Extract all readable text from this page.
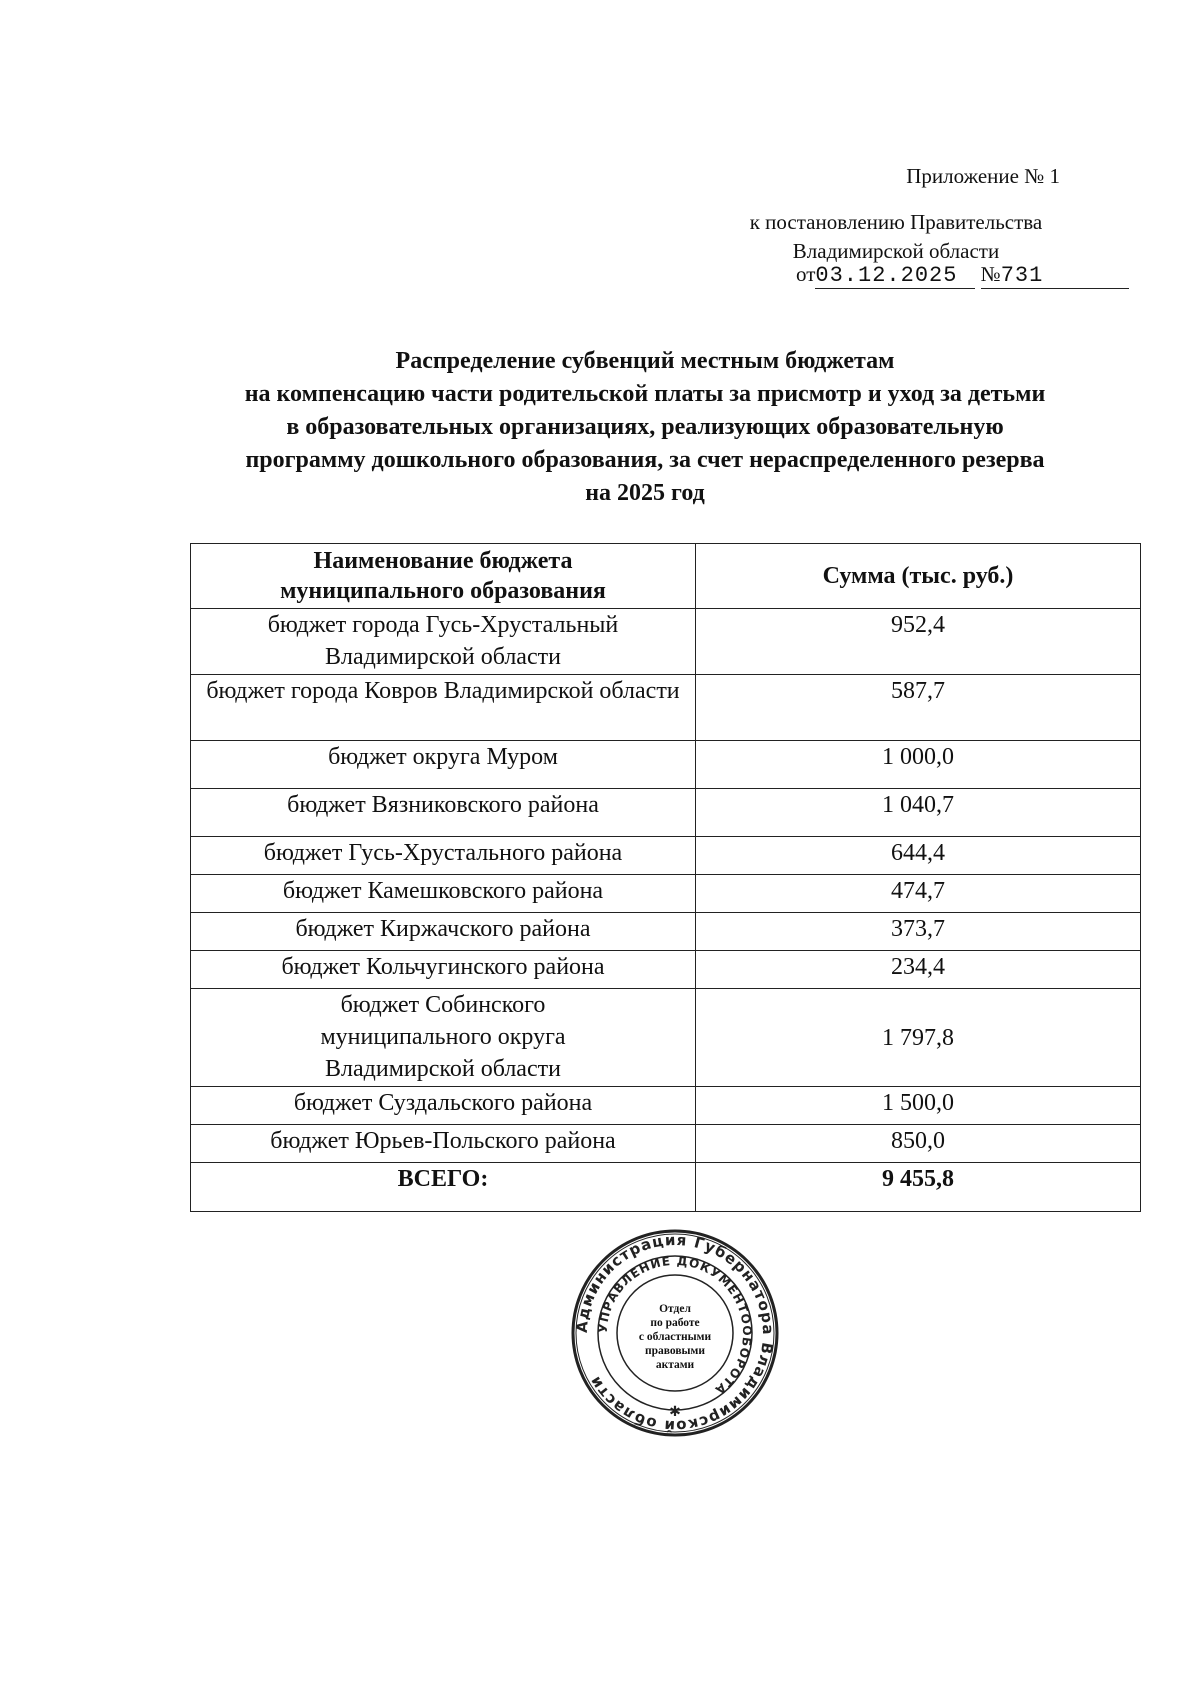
Приложение № 1
к постановлению Правительства
Владимирской области
от03.12.2025 №731
Распределение субвенций местным бюджетам
на компенсацию части родительской платы за присмотр и уход за детьми
в образовательных организациях, реализующих образовательную
программу дошкольного образования, за счет нераспределенного резерва
на 2025 год
Наименование бюджета муниципального образования	Сумма (тыс. руб.)
бюджет города Гусь-Хрустальный Владимирской области	952,4
бюджет города Ковров Владимирской области	587,7
бюджет округа Муром	1 000,0
бюджет Вязниковского района	1 040,7
бюджет Гусь-Хрустального района	644,4
бюджет Камешковского района	474,7
бюджет Киржачского района	373,7
бюджет Кольчугинского района	234,4
бюджет Собинского муниципального округа Владимирской области	1 797,8
бюджет Суздальского района	1 500,0
бюджет Юрьев-Польского района	850,0
ВСЕГО:	9 455,8
Администрация Губернатора Владимирской области
УПРАВЛЕНИЕ ДОКУМЕНТООБОРОТА
✱
Отдел
по работе
с областными
правовыми
актами
